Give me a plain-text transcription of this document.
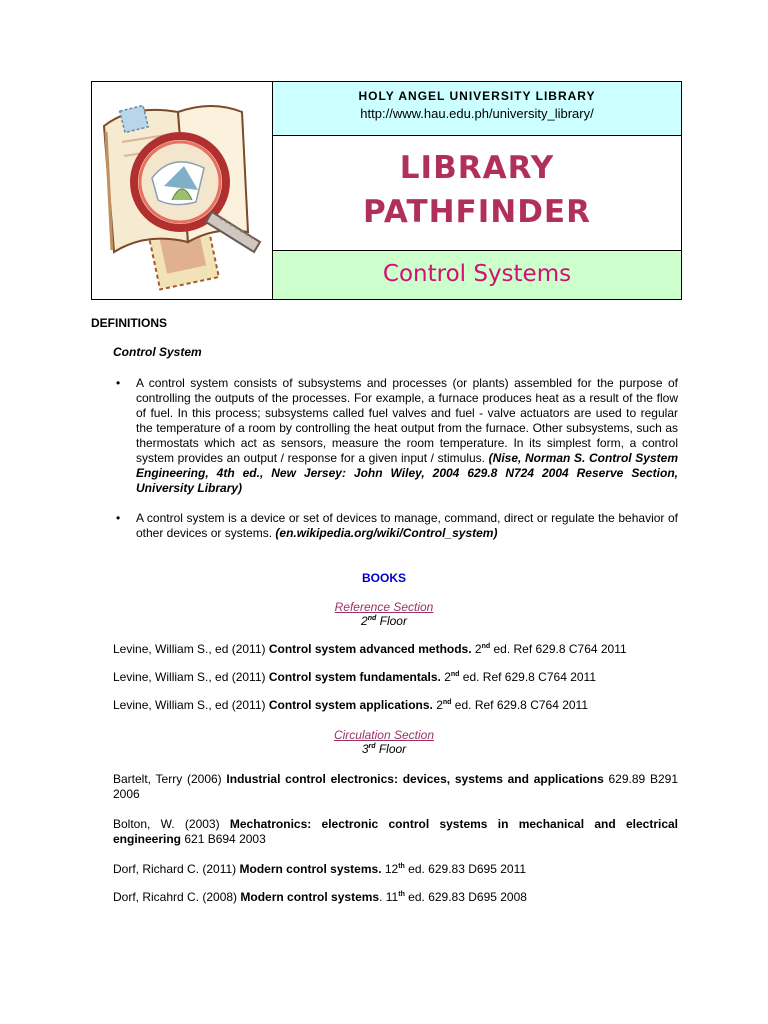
HOLY ANGEL UNIVERSITY LIBRARY
http://www.hau.edu.ph/university_library/
LIBRARY
PATHFINDER
Control Systems
DEFINITIONS
Control System
• A control system consists of subsystems and processes (or plants) assembled for the purpose of controlling the outputs of the processes. For example, a furnace produces heat as a result of the flow of fuel. In this process; subsystems called fuel valves and fuel - valve actuators are used to regular the temperature of a room by controlling the heat output from the furnace. Other subsystems, such as thermostats which act as sensors, measure the room temperature. In its simplest form, a control system provides an output / response for a given input / stimulus. (Nise, Norman S. Control System Engineering, 4th ed., New Jersey: John Wiley, 2004 629.8 N724 2004 Reserve Section, University Library)
• A control system is a device or set of devices to manage, command, direct or regulate the behavior of other devices or systems. (en.wikipedia.org/wiki/Control_system)
BOOKS
Reference Section
2nd Floor
Levine, William S., ed (2011) Control system advanced methods. 2nd ed. Ref 629.8 C764 2011
Levine, William S., ed (2011) Control system fundamentals. 2nd ed. Ref 629.8 C764 2011
Levine, William S., ed (2011) Control system applications. 2nd ed. Ref 629.8 C764 2011
Circulation Section
3rd Floor
Bartelt, Terry (2006) Industrial control electronics: devices, systems and applications 629.89 B291 2006
Bolton, W. (2003) Mechatronics: electronic control systems in mechanical and electrical engineering 621 B694 2003
Dorf, Richard C. (2011) Modern control systems. 12th ed. 629.83 D695 2011
Dorf, Ricahrd C. (2008) Modern control systems. 11th ed. 629.83 D695 2008
